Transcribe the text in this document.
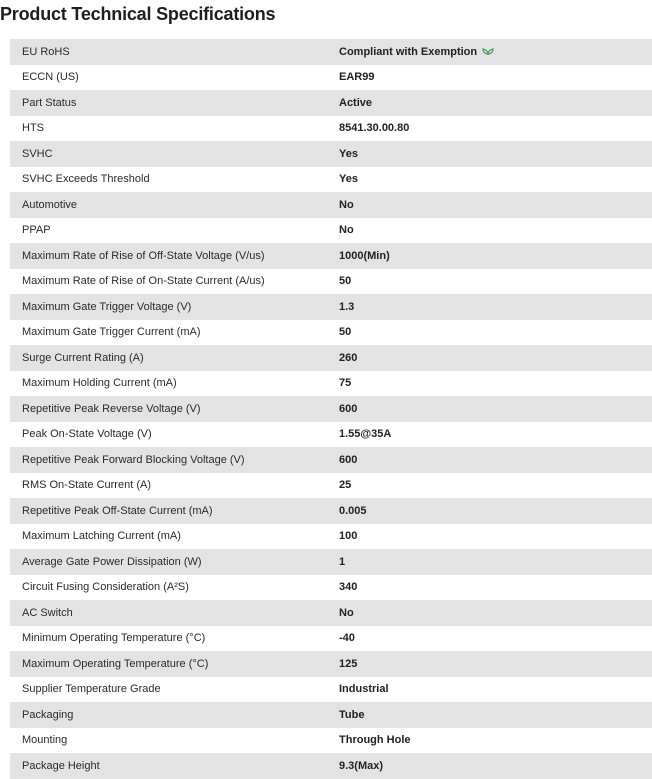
Product Technical Specifications
EU RoHS	Compliant with Exemption
ECCN (US)	EAR99
Part Status	Active
HTS	8541.30.00.80
SVHC	Yes
SVHC Exceeds Threshold	Yes
Automotive	No
PPAP	No
Maximum Rate of Rise of Off-State Voltage (V/us)	1000(Min)
Maximum Rate of Rise of On-State Current (A/us)	50
Maximum Gate Trigger Voltage (V)	1.3
Maximum Gate Trigger Current (mA)	50
Surge Current Rating (A)	260
Maximum Holding Current (mA)	75
Repetitive Peak Reverse Voltage (V)	600
Peak On-State Voltage (V)	1.55@35A
Repetitive Peak Forward Blocking Voltage (V)	600
RMS On-State Current (A)	25
Repetitive Peak Off-State Current (mA)	0.005
Maximum Latching Current (mA)	100
Average Gate Power Dissipation (W)	1
Circuit Fusing Consideration (A²S)	340
AC Switch	No
Minimum Operating Temperature (°C)	-40
Maximum Operating Temperature (°C)	125
Supplier Temperature Grade	Industrial
Packaging	Tube
Mounting	Through Hole
Package Height	9.3(Max)
